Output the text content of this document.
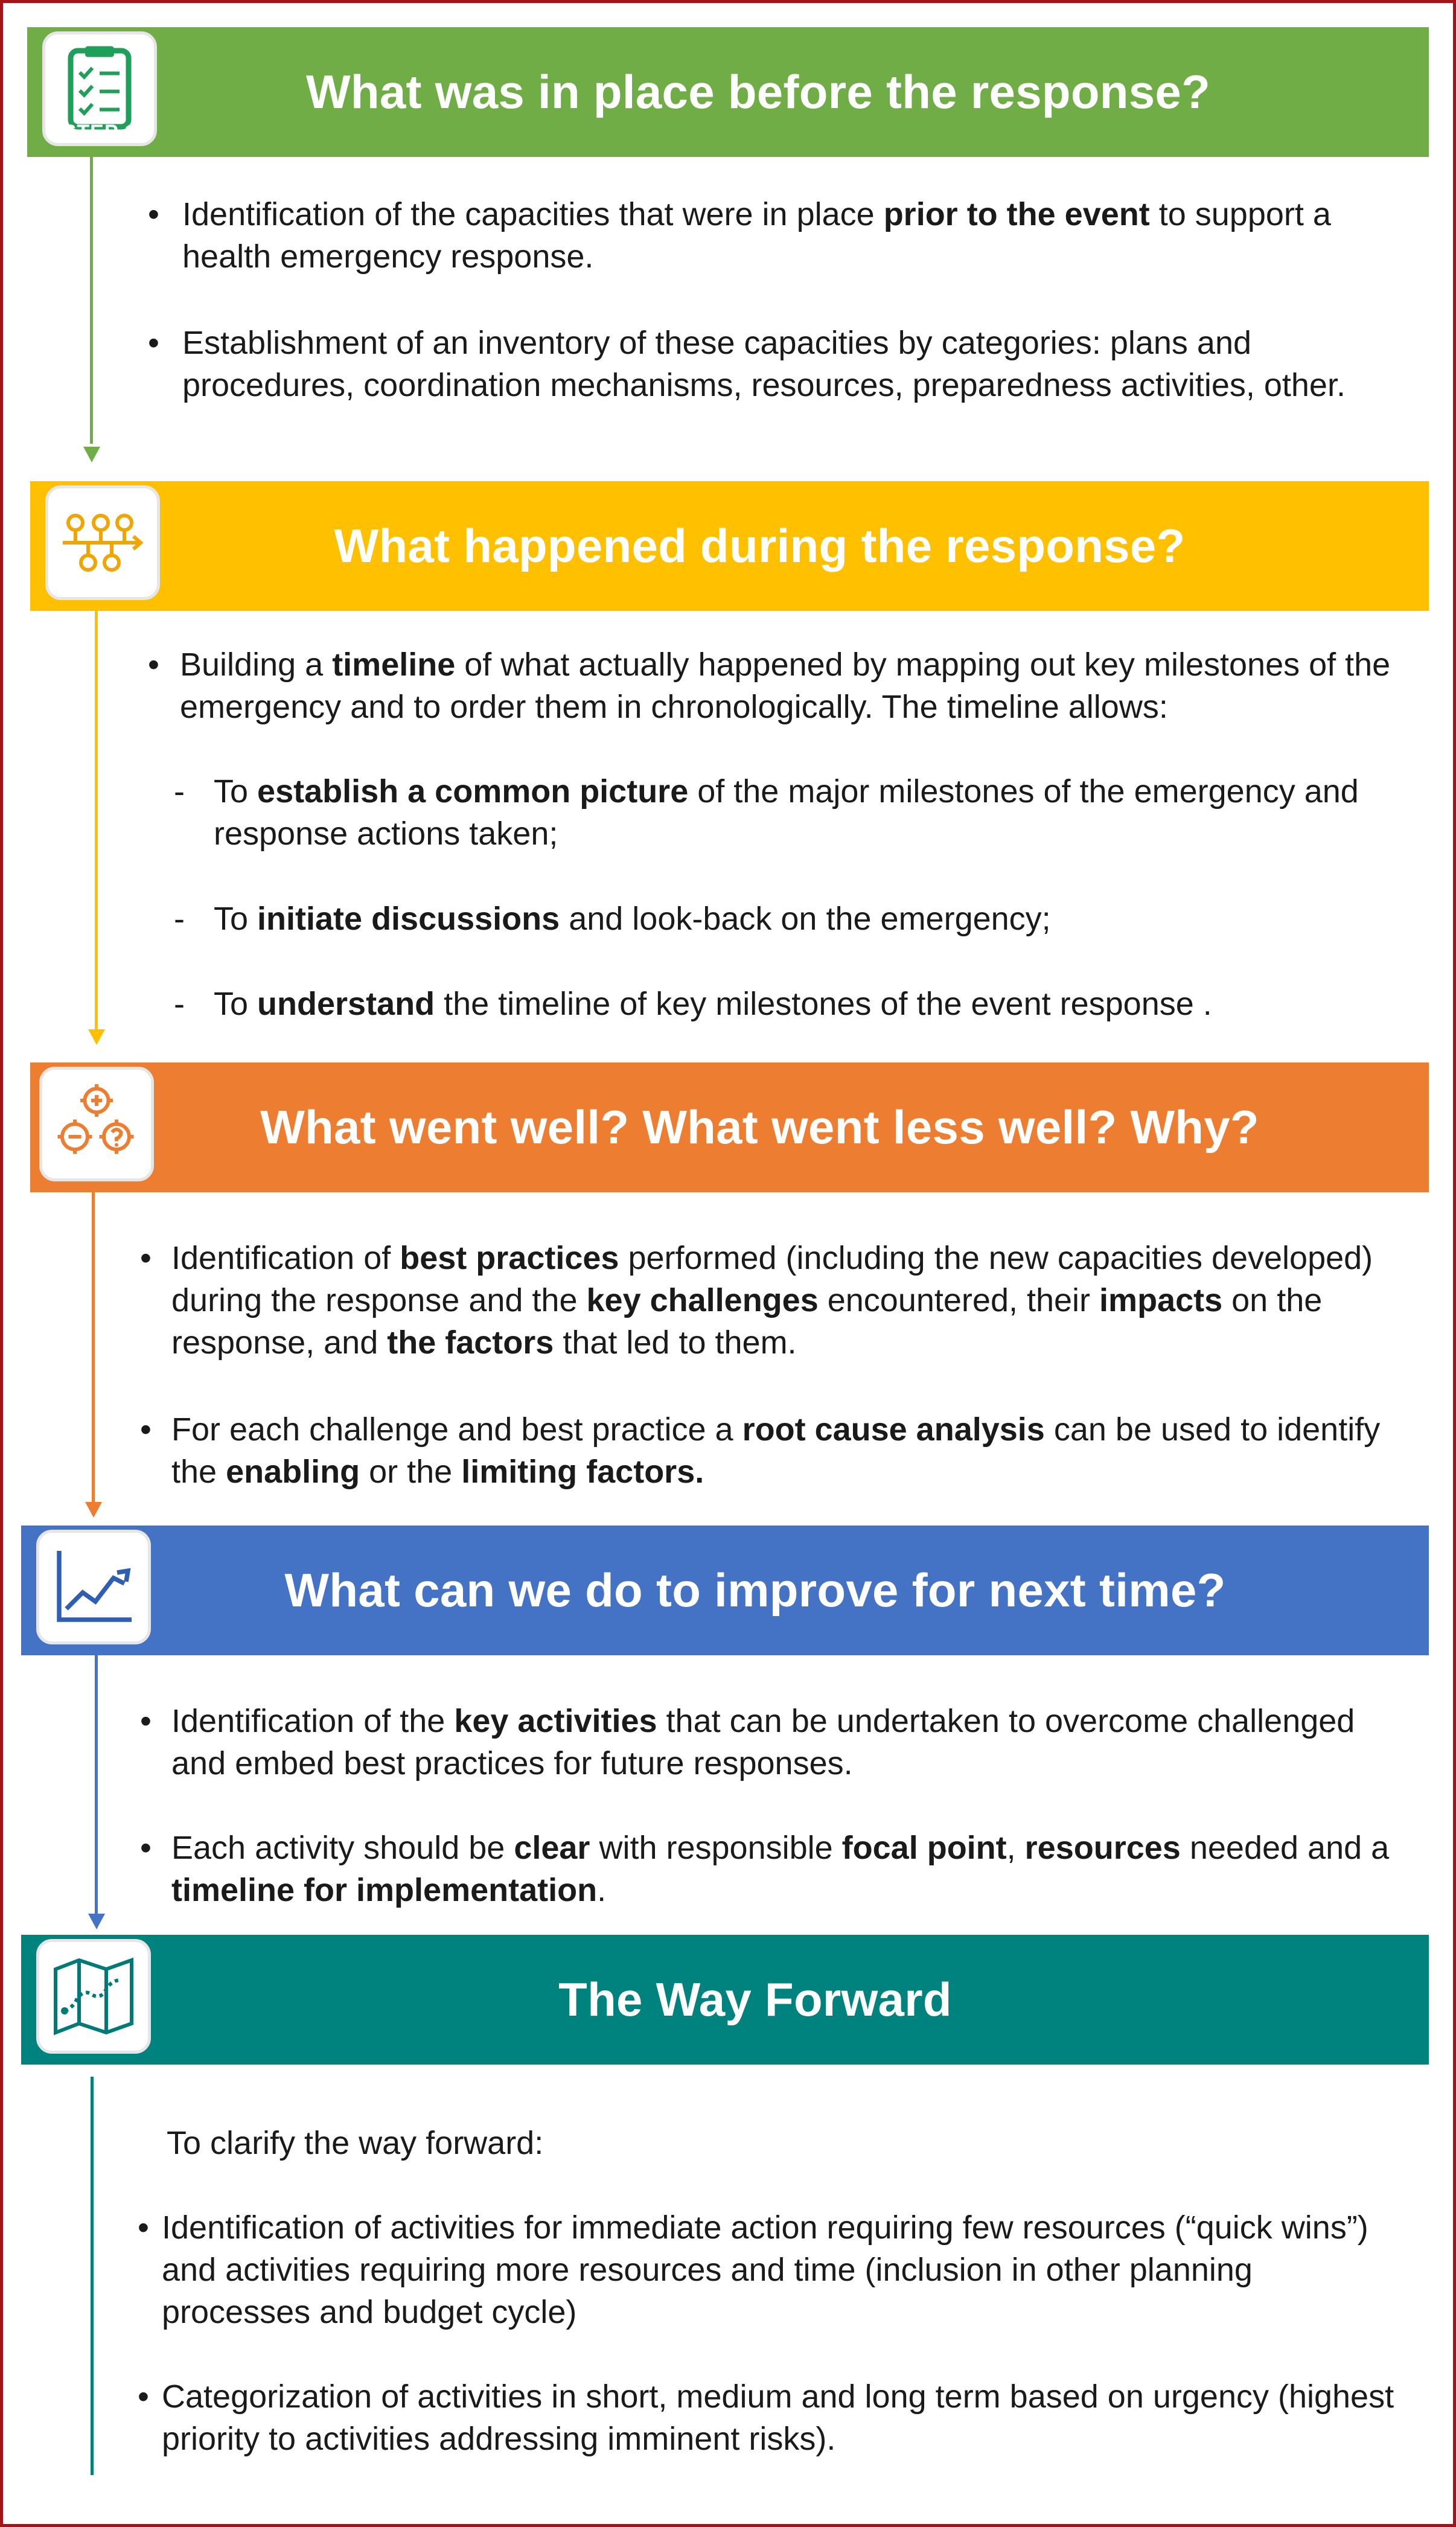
What was in place before the response?
STEP 1
• Identification of the capacities that were in place prior to the event to support a health emergency response.
• Establishment of an inventory of these capacities by categories: plans and procedures, coordination mechanisms, resources, preparedness activities, other.
What happened during the response?
STEP 2
• Building a timeline of what actually happened by mapping out key milestones of the emergency and to order them in chronologically. The timeline allows:
- To establish a common picture of the major milestones of the emergency and response actions taken;
- To initiate discussions and look-back on the emergency;
- To understand the timeline of key milestones of the event response .
What went well? What went less well? Why?
STEP 3
• Identification of best practices performed (including the new capacities developed) during the response and the key challenges encountered, their impacts on the response, and the factors that led to them.
• For each challenge and best practice a root cause analysis can be used to identify the enabling or the limiting factors.
What can we do to improve for next time?
STEP 4
• Identification of the key activities that can be undertaken to overcome challenged and embed best practices for future responses.
• Each activity should be clear with responsible focal point, resources needed and a timeline for implementation.
The Way Forward
STEP 5
To clarify the way forward:
• Identification of activities for immediate action requiring few resources (“quick wins”) and activities requiring more resources and time (inclusion in other planning processes and budget cycle)
• Categorization of activities in short, medium and long term based on urgency (highest priority to activities addressing imminent risks).
